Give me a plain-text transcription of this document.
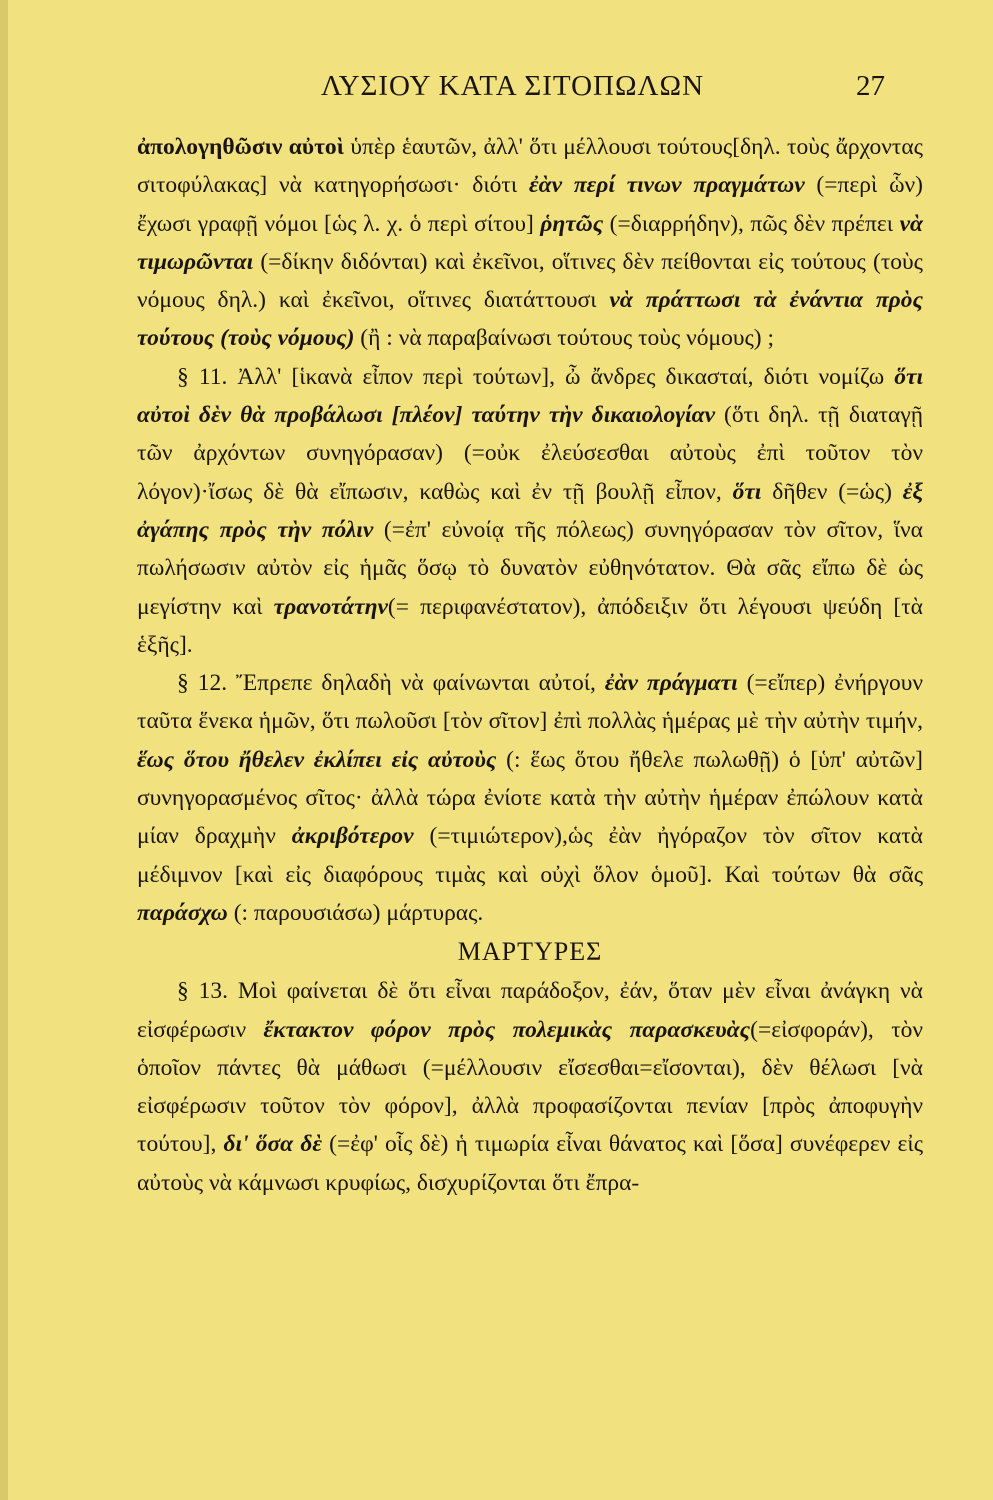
ΛΥΣΙΟΥ ΚΑΤΑ ΣΙΤΟΠΩΛΩΝ	27

ἀπολογηθῶσιν αὐτοὶ ὑπὲρ ἑαυτῶν, ἀλλ' ὅτι μέλλουσι τούτους[δηλ. τοὺς ἄρχοντας σιτοφύλακας] νὰ κατηγορήσωσι· διότι ἐὰν περί τινων πραγμάτων (=περὶ ὧν) ἔχωσι γραφῇ νόμοι [ὡς λ. χ. ὁ περὶ σίτου] ῥητῶς (=διαρρήδην), πῶς δὲν πρέπει νὰ τιμωρῶνται (=δίκην διδόνται) καὶ ἐκεῖνοι, οἵτινες δὲν πείθονται εἰς τούτους (τοὺς νόμους δηλ.) καὶ ἐκεῖνοι, οἵτινες διατάττουσι νὰ πράττωσι τὰ ἐνάντια πρὸς τούτους (τοὺς νόμους) (ἢ : νὰ παραβαίνωσι τούτους τοὺς νόμους) ;

§ 11. Ἀλλ' [ἱκανὰ εἶπον περὶ τούτων], ὦ ἄνδρες δικασταί, διότι νομίζω ὅτι αὐτοὶ δὲν θὰ προβάλωσι [πλέον] ταύτην τὴν δικαιολογίαν (ὅτι δηλ. τῇ διαταγῇ τῶν ἀρχόντων συνηγόρασαν) (=οὐκ ἐλεύσεσθαι αὐτοὺς ἐπὶ τοῦτον τὸν λόγον)·ἴσως δὲ θὰ εἴπωσιν, καθὼς καὶ ἐν τῇ βουλῇ εἶπον, ὅτι δῆθεν (=ὡς) ἐξ ἀγάπης πρὸς τὴν πόλιν (=ἐπ' εὐνοίᾳ τῆς πόλεως) συνηγόρασαν τὸν σῖτον, ἵνα πωλήσωσιν αὐτὸν εἰς ἡμᾶς ὅσῳ τὸ δυνατὸν εὐθηνότατον. Θὰ σᾶς εἴπω δὲ ὡς μεγίστην καὶ τρανοτάτην(= περιφανέστατον), ἀπόδειξιν ὅτι λέγουσι ψεύδη [τὰ ἑξῆς].

§ 12. Ἔπρεπε δηλαδὴ νὰ φαίνωνται αὐτοί, ἐὰν πράγματι (=εἴπερ) ἐνήργουν ταῦτα ἕνεκα ἡμῶν, ὅτι πωλοῦσι [τὸν σῖτον] ἐπὶ πολλὰς ἡμέρας μὲ τὴν αὐτὴν τιμήν, ἕως ὅτου ἤθελεν ἐκλίπει εἰς αὐτοὺς (: ἕως ὅτου ἤθελε πωλωθῇ) ὁ [ὑπ' αὐτῶν] συνηγορασμένος σῖτος· ἀλλὰ τώρα ἐνίοτε κατὰ τὴν αὐτὴν ἡμέραν ἐπώλουν κατὰ μίαν δραχμὴν ἀκριβότερον (=τιμιώτερον),ὡς ἐὰν ἠγόραζον τὸν σῖτον κατὰ μέδιμνον [καὶ εἰς διαφόρους τιμὰς καὶ οὐχὶ ὅλον ὁμοῦ]. Καὶ τούτων θὰ σᾶς παράσχω (: παρουσιάσω) μάρτυρας.

ΜΑΡΤΥΡΕΣ

§ 13. Μοὶ φαίνεται δὲ ὅτι εἶναι παράδοξον, ἐάν, ὅταν μὲν εἶναι ἀνάγκη νὰ εἰσφέρωσιν ἔκτακτον φόρον πρὸς πολεμικὰς παρασκευὰς(=εἰσφοράν), τὸν ὁποῖον πάντες θὰ μάθωσι (=μέλλουσιν εἴσεσθαι=εἴσονται), δὲν θέλωσι [νὰ εἰσφέρωσιν τοῦτον τὸν φόρον], ἀλλὰ προφασίζονται πενίαν [πρὸς ἀποφυγὴν τούτου], δι' ὅσα δὲ (=ἐφ' οἷς δὲ) ἡ τιμωρία εἶναι θάνατος καὶ [ὅσα] συνέφερεν εἰς αὐτοὺς νὰ κάμνωσι κρυφίως, δισχυρίζονται ὅτι ἔπρα-
